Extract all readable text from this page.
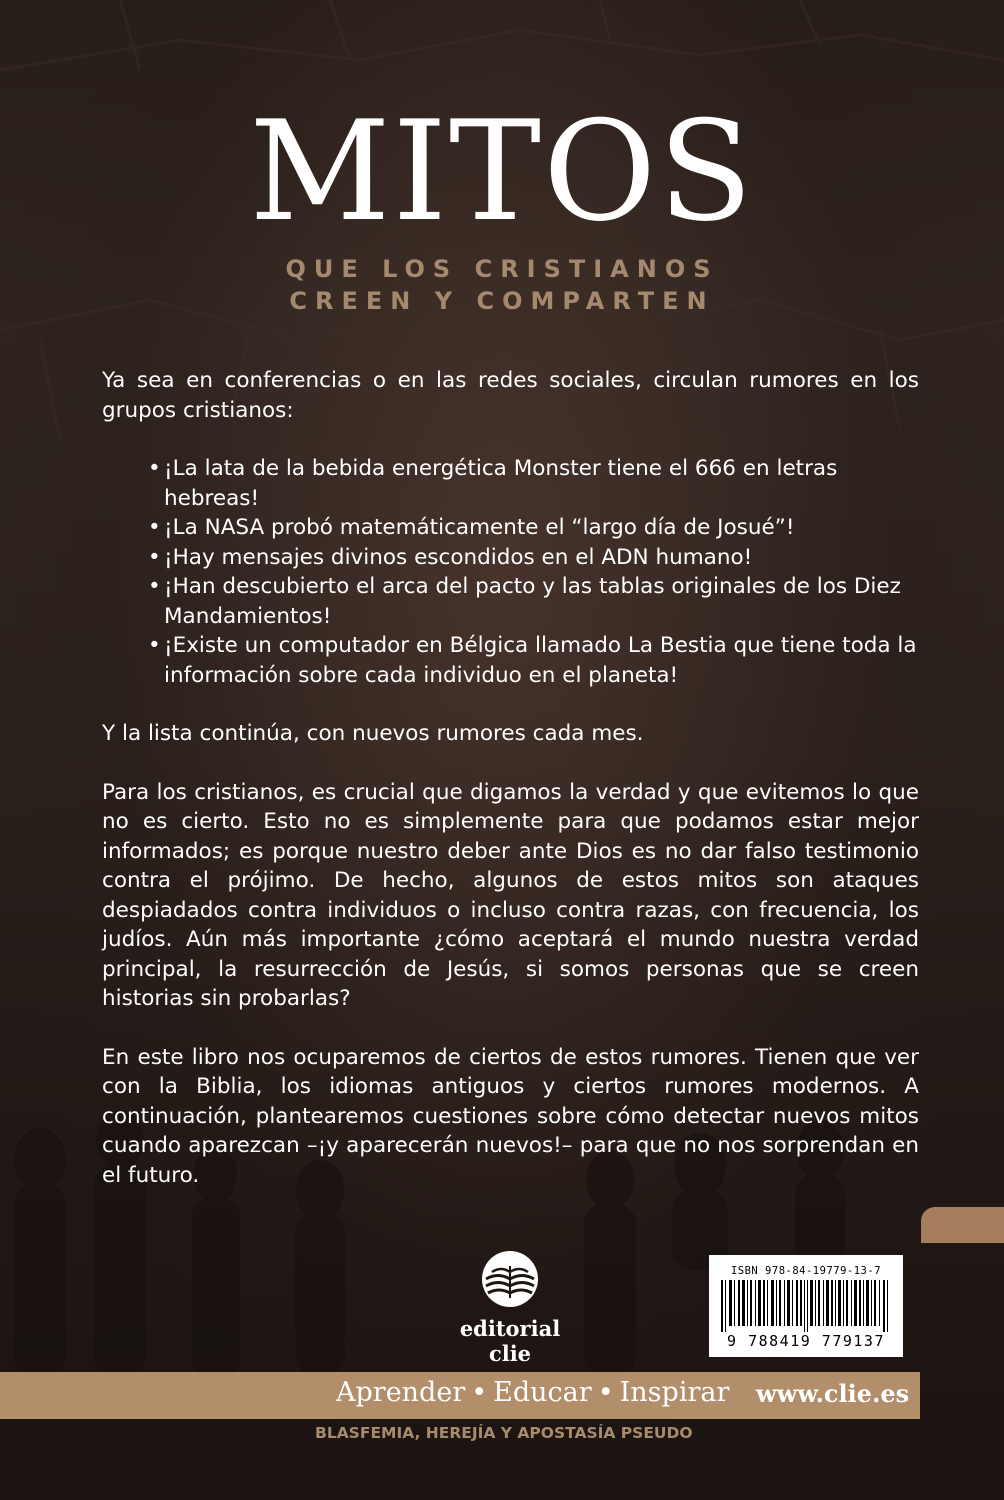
MITOS

QUE LOS CRISTIANOS

CREEN Y COMPARTEN

Ya sea en conferencias o en las redes sociales, circulan rumores en los grupos cristianos:

• ¡La lata de la bebida energética Monster tiene el 666 en letras hebreas!
• ¡La NASA probó matemáticamente el “largo día de Josué”!
• ¡Hay mensajes divinos escondidos en el ADN humano!
• ¡Han descubierto el arca del pacto y las tablas originales de los Diez Mandamientos!
• ¡Existe un computador en Bélgica llamado La Bestia que tiene toda la información sobre cada individuo en el planeta!

Y la lista continúa, con nuevos rumores cada mes.

Para los cristianos, es crucial que digamos la verdad y que evitemos lo que no es cierto. Esto no es simplemente para que podamos estar mejor informados; es porque nuestro deber ante Dios es no dar falso testimonio contra el prójimo. De hecho, algunos de estos mitos son ataques despiadados contra individuos o incluso contra razas, con frecuencia, los judíos. Aún más importante ¿cómo aceptará el mundo nuestra verdad principal, la resurrección de Jesús, si somos personas que se creen historias sin probarlas?

En este libro nos ocuparemos de ciertos de estos rumores. Tienen que ver con la Biblia, los idiomas antiguos y ciertos rumores modernos. A continuación, plantearemos cuestiones sobre cómo detectar nuevos mitos cuando aparezcan –¡y aparecerán nuevos!– para que no nos sorprendan en el futuro.

editorial clie
ISBN 978-84-19779-13-7
9 788419 779137
Aprender • Educar • Inspirar www.clie.es
BLASFEMIA, HEREJÍA Y APOSTASÍA PSEUDO
